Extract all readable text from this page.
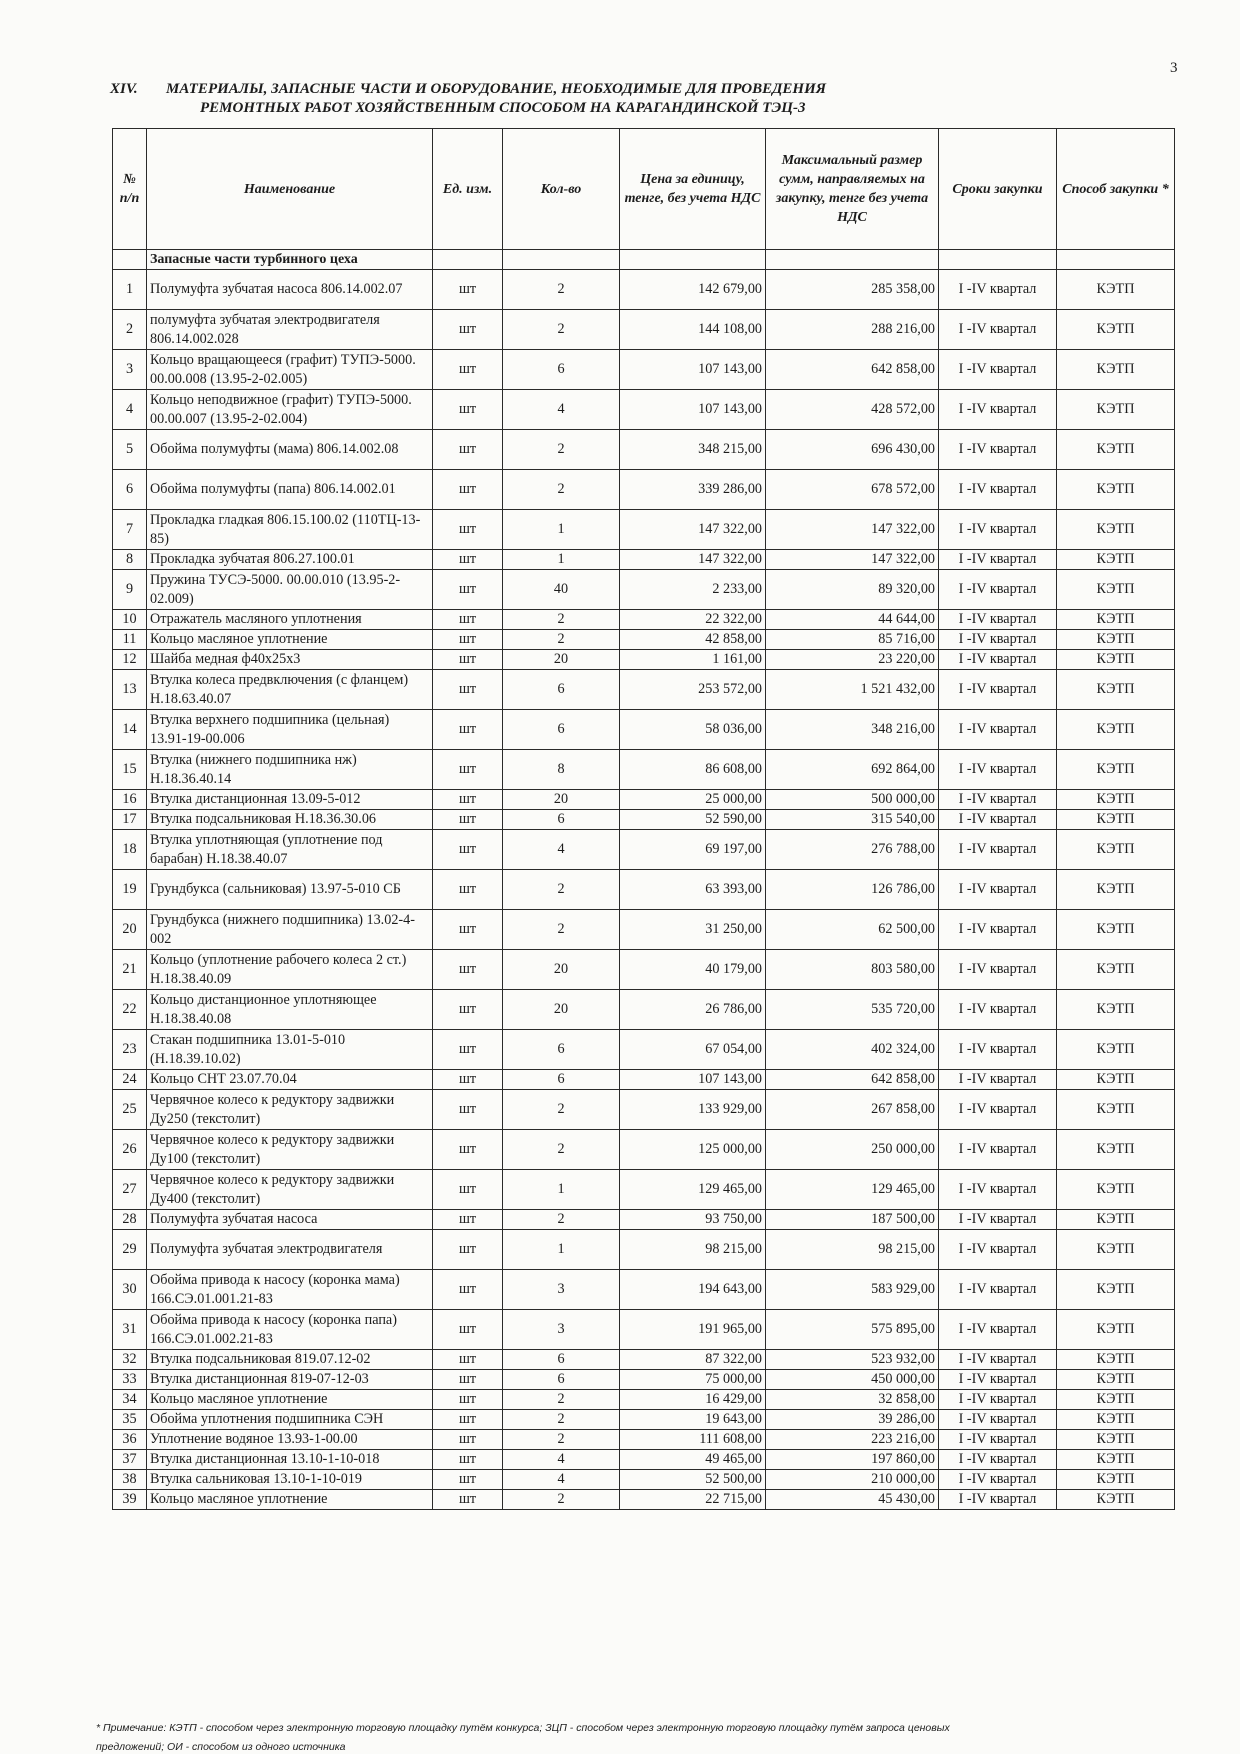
3
XIV. МАТЕРИАЛЫ, ЗАПАСНЫЕ ЧАСТИ И ОБОРУДОВАНИЕ, НЕОБХОДИМЫЕ ДЛЯ ПРОВЕДЕНИЯ
РЕМОНТНЫХ РАБОТ ХОЗЯЙСТВЕННЫМ СПОСОБОМ НА КАРАГАНДИНСКОЙ ТЭЦ-3
№ п/п	Наименование	Ед. изм.	Кол-во	Цена за единицу, тенге, без учета НДС	Максимальный размер сумм, направляемых на закупку, тенге без учета НДС	Сроки закупки	Способ закупки *
	Запасные части турбинного цеха						
1	Полумуфта зубчатая насоса 806.14.002.07	шт	2	142 679,00	285 358,00	I -IV квартал	КЭТП
2	полумуфта зубчатая электродвигателя 806.14.002.028	шт	2	144 108,00	288 216,00	I -IV квартал	КЭТП
3	Кольцо вращающееся (графит) ТУПЭ-5000. 00.00.008 (13.95-2-02.005)	шт	6	107 143,00	642 858,00	I -IV квартал	КЭТП
4	Кольцо неподвижное (графит) ТУПЭ-5000. 00.00.007 (13.95-2-02.004)	шт	4	107 143,00	428 572,00	I -IV квартал	КЭТП
5	Обойма полумуфты (мама) 806.14.002.08	шт	2	348 215,00	696 430,00	I -IV квартал	КЭТП
6	Обойма полумуфты (папа) 806.14.002.01	шт	2	339 286,00	678 572,00	I -IV квартал	КЭТП
7	Прокладка гладкая 806.15.100.02 (110ТЦ-13-85)	шт	1	147 322,00	147 322,00	I -IV квартал	КЭТП
8	Прокладка зубчатая 806.27.100.01	шт	1	147 322,00	147 322,00	I -IV квартал	КЭТП
9	Пружина ТУСЭ-5000. 00.00.010 (13.95-2-02.009)	шт	40	2 233,00	89 320,00	I -IV квартал	КЭТП
10	Отражатель масляного уплотнения	шт	2	22 322,00	44 644,00	I -IV квартал	КЭТП
11	Кольцо масляное уплотнение	шт	2	42 858,00	85 716,00	I -IV квартал	КЭТП
12	Шайба медная ф40х25х3	шт	20	1 161,00	23 220,00	I -IV квартал	КЭТП
13	Втулка колеса предвключения (с фланцем) Н.18.63.40.07	шт	6	253 572,00	1 521 432,00	I -IV квартал	КЭТП
14	Втулка верхнего подшипника (цельная) 13.91-19-00.006	шт	6	58 036,00	348 216,00	I -IV квартал	КЭТП
15	Втулка (нижнего подшипника нж) Н.18.36.40.14	шт	8	86 608,00	692 864,00	I -IV квартал	КЭТП
16	Втулка дистанционная 13.09-5-012	шт	20	25 000,00	500 000,00	I -IV квартал	КЭТП
17	Втулка подсальниковая Н.18.36.30.06	шт	6	52 590,00	315 540,00	I -IV квартал	КЭТП
18	Втулка уплотняющая (уплотнение под барабан) Н.18.38.40.07	шт	4	69 197,00	276 788,00	I -IV квартал	КЭТП
19	Грундбукса (сальниковая) 13.97-5-010 СБ	шт	2	63 393,00	126 786,00	I -IV квартал	КЭТП
20	Грундбукса (нижнего подшипника) 13.02-4-002	шт	2	31 250,00	62 500,00	I -IV квартал	КЭТП
21	Кольцо (уплотнение рабочего колеса 2 ст.) Н.18.38.40.09	шт	20	40 179,00	803 580,00	I -IV квартал	КЭТП
22	Кольцо дистанционное уплотняющее Н.18.38.40.08	шт	20	26 786,00	535 720,00	I -IV квартал	КЭТП
23	Стакан подшипника 13.01-5-010 (Н.18.39.10.02)	шт	6	67 054,00	402 324,00	I -IV квартал	КЭТП
24	Кольцо СНТ 23.07.70.04	шт	6	107 143,00	642 858,00	I -IV квартал	КЭТП
25	Червячное колесо к редуктору задвижки Ду250 (текстолит)	шт	2	133 929,00	267 858,00	I -IV квартал	КЭТП
26	Червячное колесо к редуктору задвижки Ду100 (текстолит)	шт	2	125 000,00	250 000,00	I -IV квартал	КЭТП
27	Червячное колесо к редуктору задвижки Ду400 (текстолит)	шт	1	129 465,00	129 465,00	I -IV квартал	КЭТП
28	Полумуфта зубчатая насоса	шт	2	93 750,00	187 500,00	I -IV квартал	КЭТП
29	Полумуфта зубчатая электродвигателя	шт	1	98 215,00	98 215,00	I -IV квартал	КЭТП
30	Обойма привода к насосу (коронка мама) 166.СЭ.01.001.21-83	шт	3	194 643,00	583 929,00	I -IV квартал	КЭТП
31	Обойма привода к насосу (коронка папа) 166.СЭ.01.002.21-83	шт	3	191 965,00	575 895,00	I -IV квартал	КЭТП
32	Втулка подсальниковая 819.07.12-02	шт	6	87 322,00	523 932,00	I -IV квартал	КЭТП
33	Втулка дистанционная 819-07-12-03	шт	6	75 000,00	450 000,00	I -IV квартал	КЭТП
34	Кольцо масляное уплотнение	шт	2	16 429,00	32 858,00	I -IV квартал	КЭТП
35	Обойма уплотнения подшипника СЭН	шт	2	19 643,00	39 286,00	I -IV квартал	КЭТП
36	Уплотнение водяное 13.93-1-00.00	шт	2	111 608,00	223 216,00	I -IV квартал	КЭТП
37	Втулка дистанционная 13.10-1-10-018	шт	4	49 465,00	197 860,00	I -IV квартал	КЭТП
38	Втулка сальниковая 13.10-1-10-019	шт	4	52 500,00	210 000,00	I -IV квартал	КЭТП
39	Кольцо масляное уплотнение	шт	2	22 715,00	45 430,00	I -IV квартал	КЭТП
* Примечание: КЭТП - способом через электронную торговую площадку путём конкурса; ЗЦП - способом через электронную торговую площадку путём запроса ценовых
предложений; ОИ - способом из одного источника
